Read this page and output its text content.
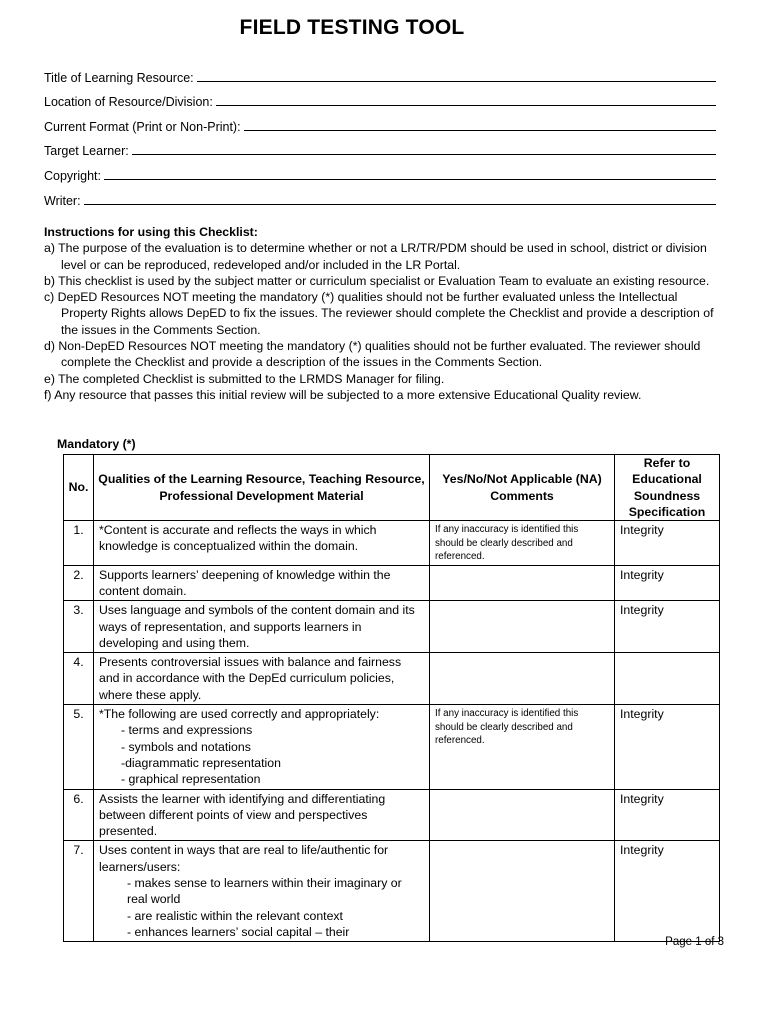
FIELD TESTING TOOL
Title of Learning Resource:
Location of Resource/Division:
Current Format (Print or Non-Print):
Target Learner:
Copyright:
Writer:
Instructions for using this Checklist:
a) The purpose of the evaluation is to determine whether or not a LR/TR/PDM should be used in school, district or division level or can be reproduced, redeveloped and/or included in the LR Portal.
b) This checklist is used by the subject matter or curriculum specialist or Evaluation Team to evaluate an existing resource.
c) DepED Resources NOT meeting the mandatory (*) qualities should not be further evaluated unless the Intellectual Property Rights allows DepED to fix the issues. The reviewer should complete the Checklist and provide a description of the issues in the Comments Section.
d) Non-DepED Resources NOT meeting the mandatory (*) qualities should not be further evaluated. The reviewer should complete the Checklist and provide a description of the issues in the Comments Section.
e) The completed Checklist is submitted to the LRMDS Manager for filing.
f) Any resource that passes this initial review will be subjected to a more extensive Educational Quality review.
Mandatory (*)
No.	Qualities of the Learning Resource, Teaching Resource, Professional Development Material	Yes/No/Not Applicable (NA) Comments	Refer to Educational Soundness Specification
1.	*Content is accurate and reflects the ways in which knowledge is conceptualized within the domain.	If any inaccuracy is identified this should be clearly described and referenced.	Integrity
2.	Supports learners’ deepening of knowledge within the content domain.		Integrity
3.	Uses language and symbols of the content domain and its ways of representation, and supports learners in developing and using them.		Integrity
4.	Presents controversial issues with balance and fairness and in accordance with the DepEd curriculum policies, where these apply.		
5.	*The following are used correctly and appropriately:
- terms and expressions
- symbols and notations
-diagrammatic representation
- graphical representation	If any inaccuracy is identified this should be clearly described and referenced.	Integrity
6.	Assists the learner with identifying and differentiating between different points of view and perspectives presented.		Integrity
7.	Uses content in ways that are real to life/authentic for learners/users:
- makes sense to learners within their imaginary or real world
- are realistic within the relevant context
- enhances learners’ social capital – their		Integrity
Page 1 of 3
